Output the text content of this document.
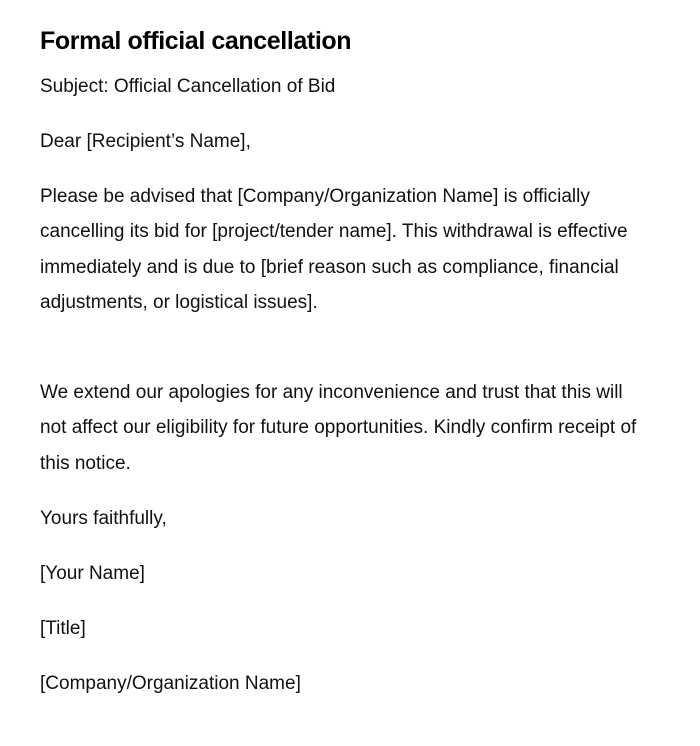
Formal official cancellation

Subject: Official Cancellation of Bid

Dear [Recipient’s Name],

Please be advised that [Company/Organization Name] is officially cancelling its bid for [project/tender name]. This withdrawal is effective immediately and is due to [brief reason such as compliance, financial adjustments, or logistical issues].

We extend our apologies for any inconvenience and trust that this will not affect our eligibility for future opportunities. Kindly confirm receipt of this notice.

Yours faithfully,

[Your Name]

[Title]

[Company/Organization Name]
